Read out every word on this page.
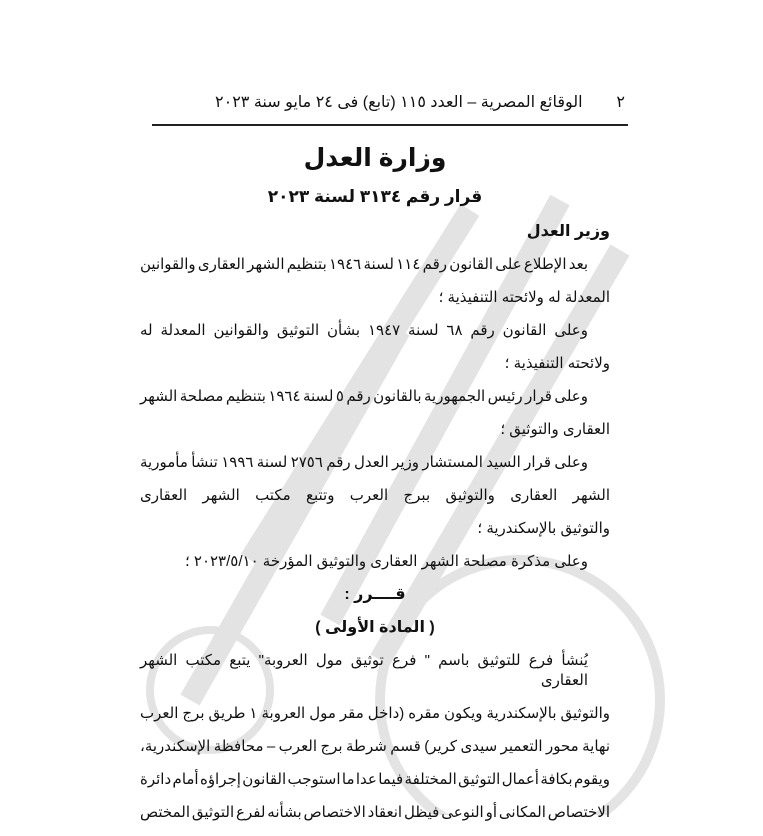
٢
الوقائع المصرية – العدد ١١٥ (تابع) فى ٢٤ مايو سنة ٢٠٢٣
وزارة العدل
قرار رقم ٣١٣٤ لسنة ٢٠٢٣
وزير العدل
بعد الإطلاع على القانون رقم ١١٤ لسنة ١٩٤٦ بتنظيم الشهر العقارى والقوانين
المعدلة له ولائحته التنفيذية ؛
وعلى القانون رقم ٦٨ لسنة ١٩٤٧ بشأن التوثيق والقوانين المعدلة له
ولائحته التنفيذية ؛
وعلى قرار رئيس الجمهورية بالقانون رقم ٥ لسنة ١٩٦٤ بتنظيم مصلحة الشهر
العقارى والتوثيق ؛
وعلى قرار السيد المستشار وزير العدل رقم ٢٧٥٦ لسنة ١٩٩٦ تنشأ مأمورية
الشهر العقارى والتوثيق ببرج العرب وتتبع مكتب الشهر العقارى
والتوثيق بالإسكندرية ؛
وعلى مذكرة مصلحة الشهر العقارى والتوثيق المؤرخة ٢٠٢٣/٥/١٠ ؛
قــــرر :
( المادة الأولى )
يُنشأ فرع للتوثيق باسم " فرع توثيق مول العروبة" يتبع مكتب الشهر العقارى
والتوثيق بالإسكندرية ويكون مقره (داخل مقر مول العروبة ١ طريق برج العرب
نهاية محور التعمير سيدى كرير) قسم شرطة برج العرب – محافظة الإسكندرية،
ويقوم بكافة أعمال التوثيق المختلفة فيما عدا ما استوجب القانون إجراؤه أمام دائرة
الاختصاص المكانى أو النوعى فيظل انعقاد الاختصاص بشأنه لفرع التوثيق المختص
